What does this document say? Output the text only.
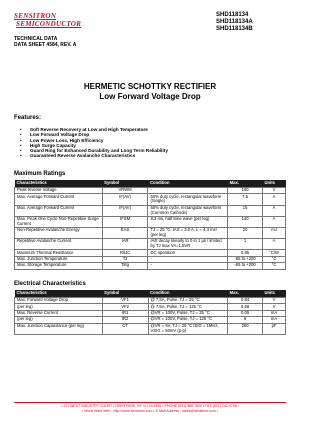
SENSITRON
SEMICONDUCTOR
SHD118134
SHD118134A
SHD118134B
TECHNICAL DATA
DATA SHEET 4584, REV. A
HERMETIC SCHOTTKY RECTIFIER
Low Forward Voltage Drop
Features:
• Soft Reverse Recovery at Low and High Temperature
• Low Forward Voltage Drop
• Low Power Loss, High Efficiency
• High Surge Capacity
• Guard Ring for Enhanced Durability and Long Term Reliability
• Guaranteed Reverse Avalanche Characteristics
Maximum Ratings
Characteristics	Symbol	Condition	Max.	Units
Peak Inverse Voltage	VRWM	-	100	V
Max. Average Forward Current	IF(AV)	50% duty cycle, rectangular waveform (Single)	7.5	A
Max. Average Forward Current	IF(AV)	50% duty cycle, rectangular waveform (Common Cathode)	15	A
Max. Peak One Cycle Non-Repetitive Surge Current	IFSM	8.3 ms, half Sine wave (per leg)	140	A
Non-Repetitive Avalanche Energy	EAS	TJ = 25 °C, IAS = 3.0 A, L = 4.4 mH (per leg)	20	mJ
Repetitive Avalanche Current	IAR	IAR decay linearly to 0 in 1 µs / limited by TJ max VA=1.5VR	1	A
Maximum Thermal Resistance	RθJC	DC operation	0.85	°C/W
Max. Junction Temperature	TJ	-	-65 to +200	°C
Max. Storage Temperature	Tstg	-	-65 to +200	°C
Electrical Characteristics
Characteristics	Symbol	Condition	Max.	Units
Max. Forward Voltage Drop	VF1	@ 7.5A, Pulse, TJ = 25 °C	0.84	V
(per leg)	VF2	@ 7.5A, Pulse, TJ = 125 °C	0.68	V
Max. Reverse Current	IR1	@VR = 100V, Pulse, TJ = 25 °C	0.05	mA
(per leg)	IR2	@VR = 100V, Pulse, TJ = 125 °C	6	mA
Max. Junction Capacitance (per leg)	CT	@VR = 5V, TJ = 25 °C fSIG = 1MHz, VSIG = 50mV (p-p)	250	pF
• 221 WEST INDUSTRY COURT • DEER PARK, NY 11729-4681 • PHONE (631) 586-7600 • FAX (631) 242-9798 •
• World Wide Web - http://www.sensitron.com • E-Mail Address - sales@sensitron.com •
